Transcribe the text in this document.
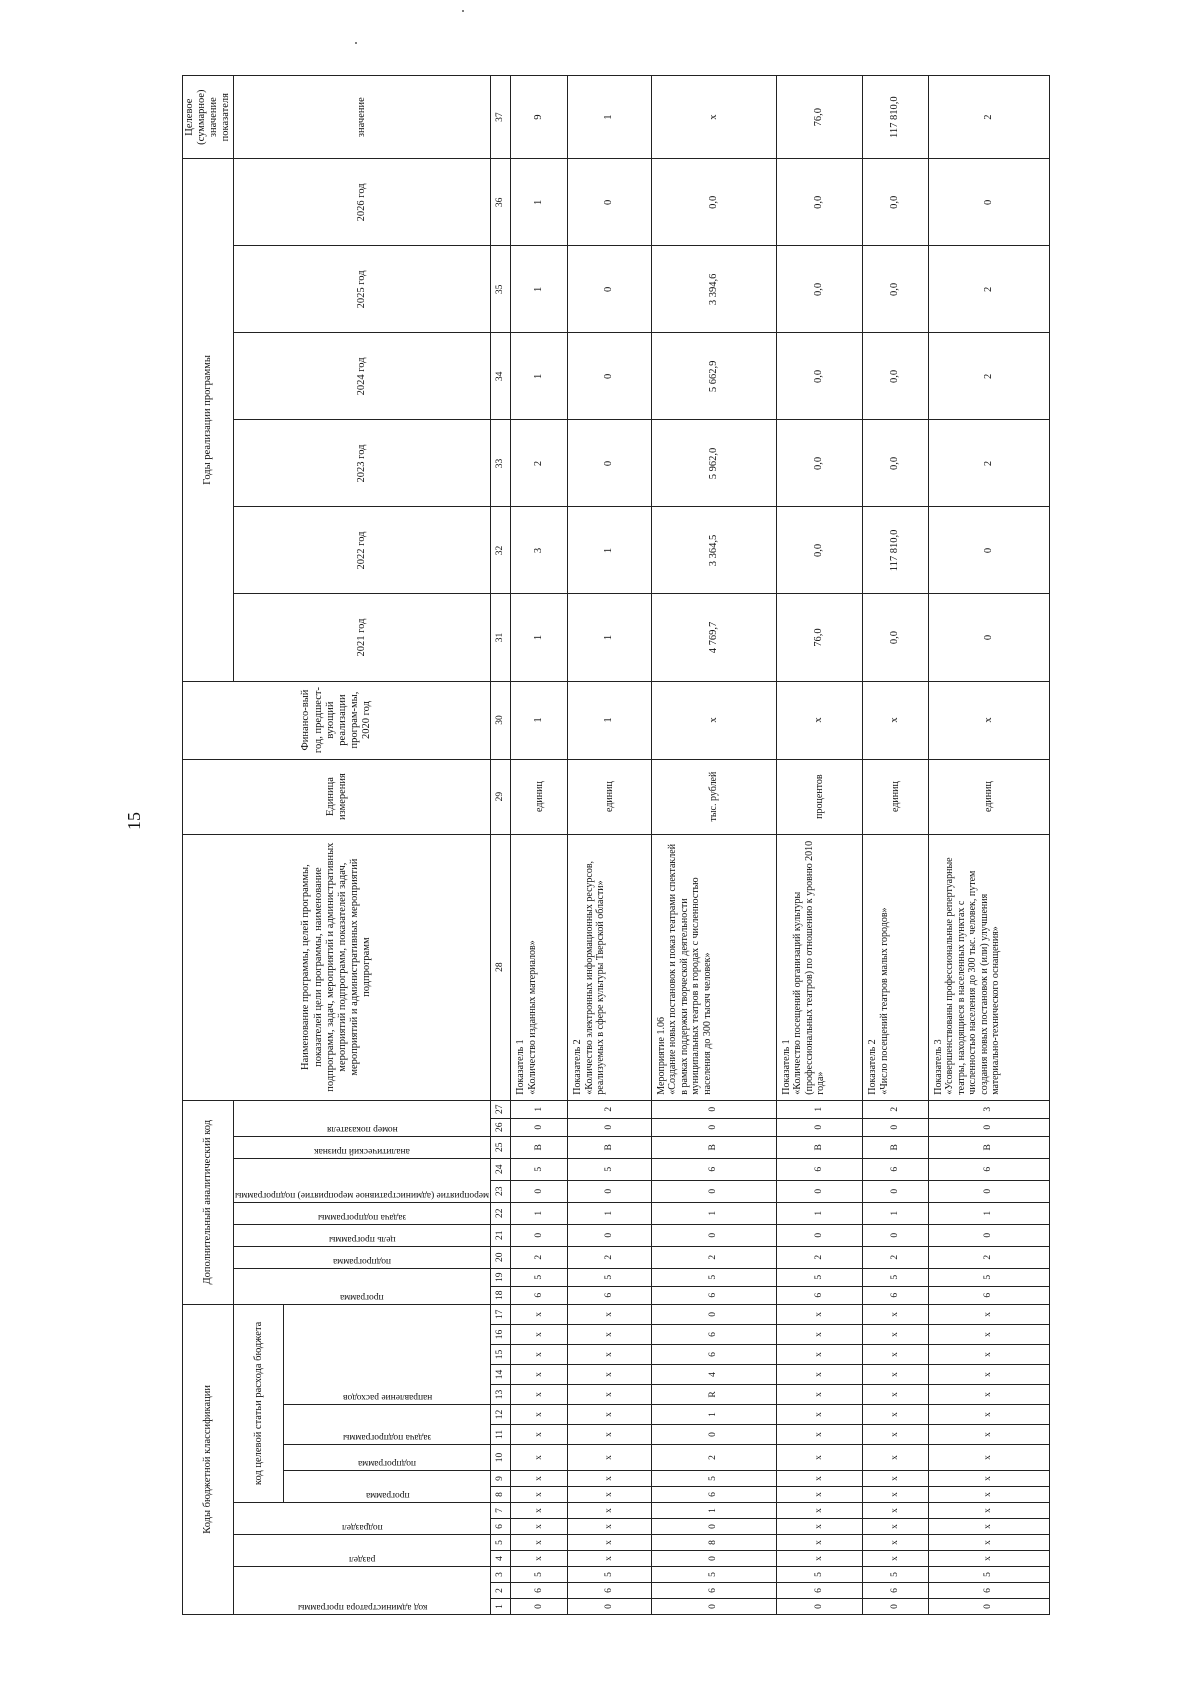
15
Коды бюджетной классификации																	Дополнительный аналитический код										Наименование программы, целей программы, показателей цели программы, наименование подпрограмм, задач, мероприятий и административных мероприятий подпрограмм, показателей задач, мероприятий и административных мероприятий подпрограмм	Единица измерения	Финансо-вый год, предшест-вующий реализации програм-мы, 2020 год	Годы реализации программы						Целевое (суммарное) значение показателя

код администратора программы			раздел		подраздел		код целевой статьи расхода бюджета										программа		подпрограмма	цель программы	задача подпрограммы	мероприятие (административное мероприятие) подпрограммы		аналитический признак	номер показателя					2021 год	2022 год	2023 год	2024 год	2025 год	2026 год	значение

							программа		подпрограмма	задача подпрограммы		направление расходов																								

1	2	3	4	5	6	7	8	9	10	11	12	13	14	15	16	17	18	19	20	21	22	23	24	25	26	27	28	29	30	31	32	33	34	35	36	37
0	6	5	х	х	х	х	х	х	х	х	х	х	х	х	х	х	6	5	2	0	1	0	5	В	0	1	Показатель 1 «Количество изданных материалов»	единиц	1	1	3	2	1	1	1	9
0	6	5	х	х	х	х	х	х	х	х	х	х	х	х	х	х	6	5	2	0	1	0	5	В	0	2	Показатель 2 «Количество электронных информационных ресурсов, реализуемых в сфере культуры Тверской области»	единиц	1	1	1	0	0	0	0	1
0	6	5	0	8	0	1	6	5	2	0	1	R	4	6	6	0	6	5	2	0	1	0	6	В	0	0	Мероприятие 1.06 «Создание новых постановок и показ театрами спектаклей в рамках поддержки творческой деятельности муниципальных театров в городах с численностью населения до 300 тысяч человек»	тыс. рублей	х	4 769,7	3 364,5	5 962,0	5 662,9	3 394,6	0,0	х
0	6	5	х	х	х	х	х	х	х	х	х	х	х	х	х	х	6	5	2	0	1	0	6	В	0	1	Показатель 1 «Количество посещений организаций культуры (профессиональных театров) по отношению к уровню 2010 года»	процентов	х	76,0	0,0	0,0	0,0	0,0	0,0	76,0
0	6	5	х	х	х	х	х	х	х	х	х	х	х	х	х	х	6	5	2	0	1	0	6	В	0	2	Показатель 2 «Число посещений театров малых городов»	единиц	х	0,0	117 810,0	0,0	0,0	0,0	0,0	117 810,0
0	6	5	х	х	х	х	х	х	х	х	х	х	х	х	х	х	6	5	2	0	1	0	6	В	0	3	Показатель 3 «Усовершенствованы профессиональные репертуарные театры, находящиеся в населенных пунктах с численностью населения до 300 тыс. человек, путем создания новых постановок и (или) улучшения материально-технического оснащения»	единиц	х	0	0	2	2	2	0	2
